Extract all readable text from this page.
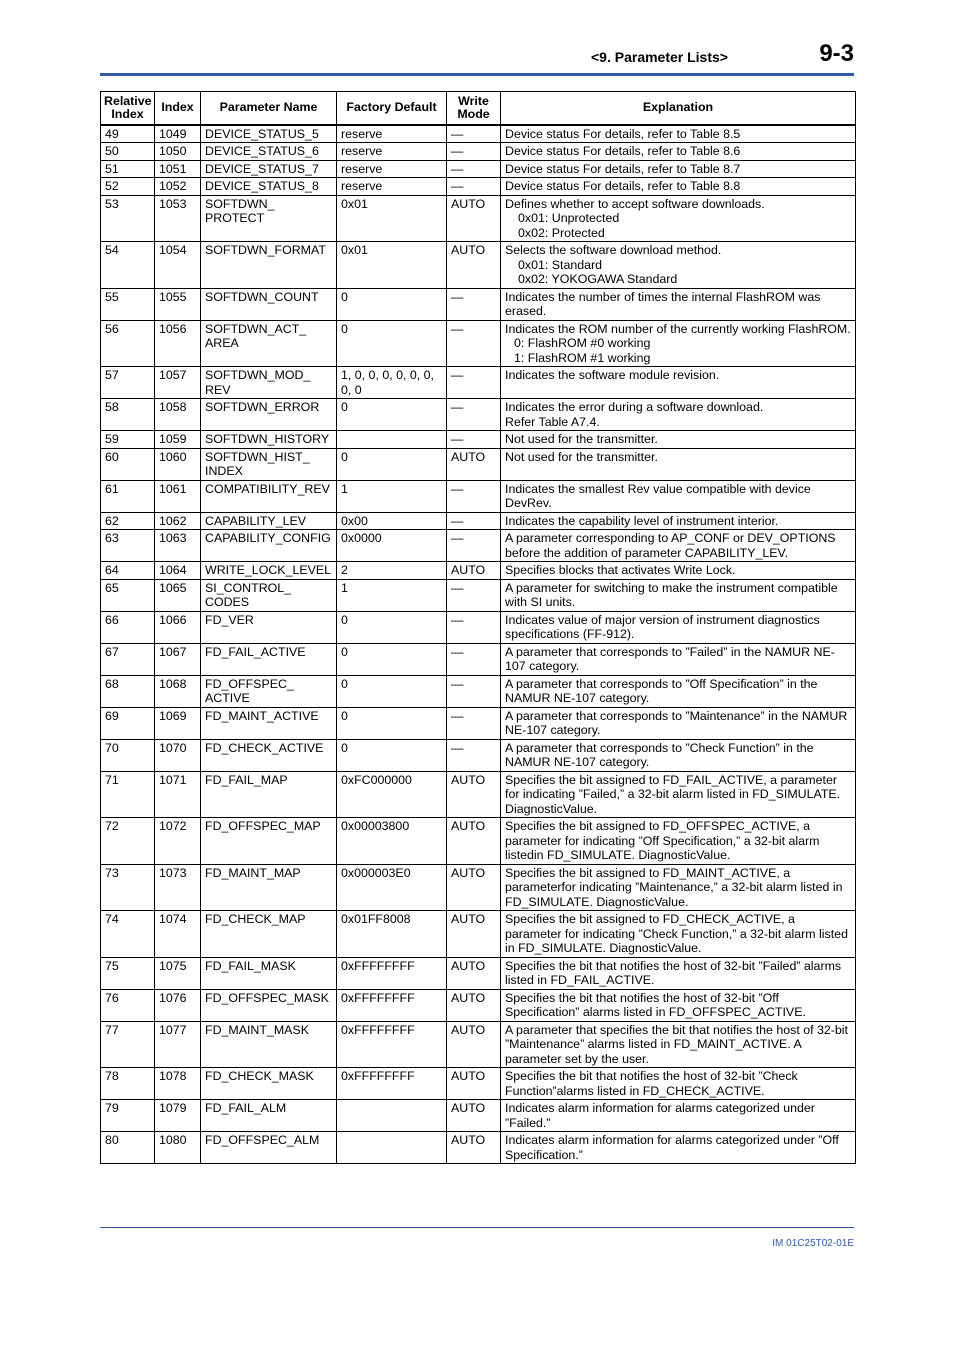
<9. Parameter Lists>	9-3
Relative Index	Index	Parameter Name	Factory Default	Write Mode	Explanation
49	1049	DEVICE_STATUS_5	reserve	—	Device status For details, refer to Table 8.5

50	1050	DEVICE_STATUS_6	reserve	—	Device status For details, refer to Table 8.6

51	1051	DEVICE_STATUS_7	reserve	—	Device status For details, refer to Table 8.7

52	1052	DEVICE_STATUS_8	reserve	—	Device status For details, refer to Table 8.8

53	1053	SOFTDWN_ PROTECT	0x01	AUTO	Defines whether to accept software downloads.
0x01: Unprotected
0x02: Protected

54	1054	SOFTDWN_FORMAT	0x01	AUTO	Selects the software download method.
0x01: Standard
0x02: YOKOGAWA Standard

55	1055	SOFTDWN_COUNT	0	—	Indicates the number of times the internal FlashROM was erased.

56	1056	SOFTDWN_ACT_ AREA	0	—	Indicates the ROM number of the currently working FlashROM.
0: FlashROM #0 working
1: FlashROM #1 working

57	1057	SOFTDWN_MOD_ REV	1, 0, 0, 0, 0, 0, 0, 0, 0	—	Indicates the software module revision.

58	1058	SOFTDWN_ERROR	0	—	Indicates the error during a software download.
Refer Table A7.4.

59	1059	SOFTDWN_HISTORY		—	Not used for the transmitter.

60	1060	SOFTDWN_HIST_ INDEX	0	AUTO	Not used for the transmitter.

61	1061	COMPATIBILITY_REV	1	—	Indicates the smallest Rev value compatible with device DevRev.

62	1062	CAPABILITY_LEV	0x00	—	Indicates the capability level of instrument interior.

63	1063	CAPABILITY_CONFIG	0x0000	—	A parameter corresponding to AP_CONF or DEV_OPTIONS before the addition of parameter CAPABILITY_LEV.

64	1064	WRITE_LOCK_LEVEL	2	AUTO	Specifies blocks that activates Write Lock.

65	1065	SI_CONTROL_ CODES	1	—	A parameter for switching to make the instrument compatible with SI units.

66	1066	FD_VER	0	—	Indicates value of major version of instrument diagnostics specifications (FF-912).

67	1067	FD_FAIL_ACTIVE	0	—	A parameter that corresponds to ”Failed” in the NAMUR NE-107 category.

68	1068	FD_OFFSPEC_ ACTIVE	0	—	A parameter that corresponds to ”Off Specification” in the NAMUR NE-107 category.

69	1069	FD_MAINT_ACTIVE	0	—	A parameter that corresponds to ”Maintenance” in the NAMUR NE-107 category.

70	1070	FD_CHECK_ACTIVE	0	—	A parameter that corresponds to ”Check Function” in the NAMUR NE-107 category.

71	1071	FD_FAIL_MAP	0xFC000000	AUTO	Specifies the bit assigned to FD_FAIL_ACTIVE, a parameter for indicating ”Failed,” a 32-bit alarm listed in FD_SIMULATE. DiagnosticValue.

72	1072	FD_OFFSPEC_MAP	0x00003800	AUTO	Specifies the bit assigned to FD_OFFSPEC_ACTIVE, a parameter for indicating ”Off Specification,” a 32-bit alarm listedin FD_SIMULATE. DiagnosticValue.

73	1073	FD_MAINT_MAP	0x000003E0	AUTO	Specifies the bit assigned to FD_MAINT_ACTIVE, a parameterfor indicating ”Maintenance,” a 32-bit alarm listed in FD_SIMULATE. DiagnosticValue.

74	1074	FD_CHECK_MAP	0x01FF8008	AUTO	Specifies the bit assigned to FD_CHECK_ACTIVE, a parameter for indicating ”Check Function,” a 32-bit alarm listed in FD_SIMULATE. DiagnosticValue.

75	1075	FD_FAIL_MASK	0xFFFFFFFF	AUTO	Specifies the bit that notifies the host of 32-bit ”Failed” alarms listed in FD_FAIL_ACTIVE.

76	1076	FD_OFFSPEC_MASK	0xFFFFFFFF	AUTO	Specifies the bit that notifies the host of 32-bit ”Off Specification” alarms listed in FD_OFFSPEC_ACTIVE.

77	1077	FD_MAINT_MASK	0xFFFFFFFF	AUTO	A parameter that specifies the bit that notifies the host of 32-bit ”Maintenance” alarms listed in FD_MAINT_ACTIVE. A parameter set by the user.

78	1078	FD_CHECK_MASK	0xFFFFFFFF	AUTO	Specifies the bit that notifies the host of 32-bit ”Check Function”alarms listed in FD_CHECK_ACTIVE.

79	1079	FD_FAIL_ALM		AUTO	Indicates alarm information for alarms categorized under ”Failed.”

80	1080	FD_OFFSPEC_ALM		AUTO	Indicates alarm information for alarms categorized under ”Off Specification.”
IM 01C25T02-01E
